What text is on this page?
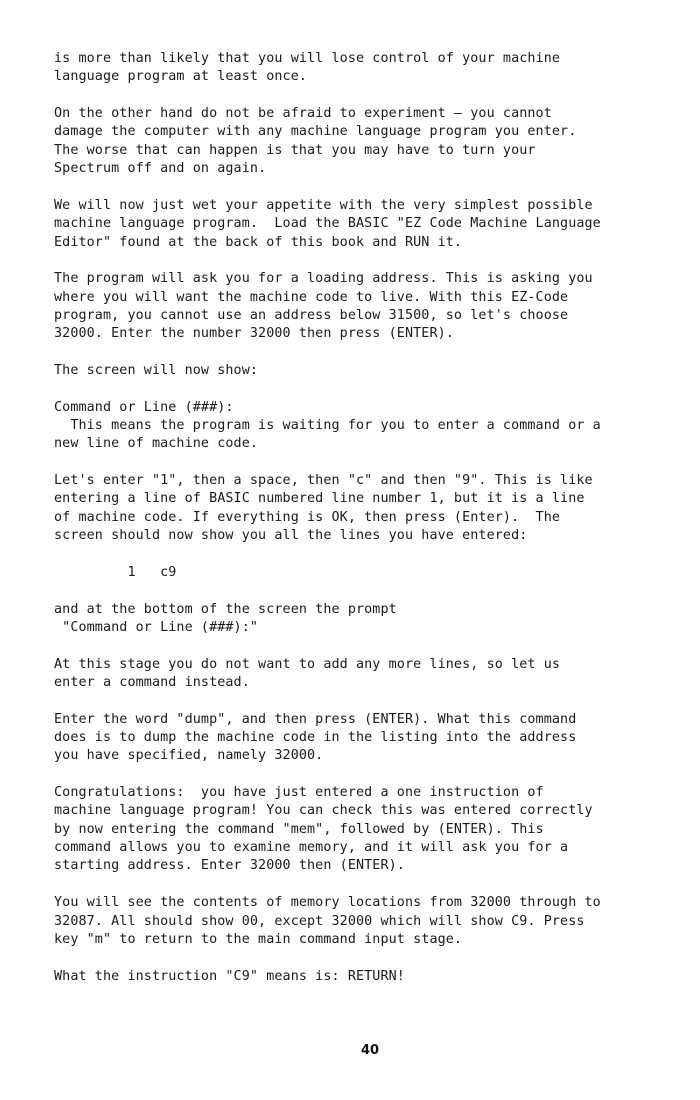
is more than likely that you will lose control of your machine
language program at least once.
On the other hand do not be afraid to experiment – you cannot
damage the computer with any machine language program you enter.
The worse that can happen is that you may have to turn your
Spectrum off and on again.
We will now just wet your appetite with the very simplest possible
machine language program.  Load the BASIC "EZ Code Machine Language
Editor" found at the back of this book and RUN it.
The program will ask you for a loading address. This is asking you
where you will want the machine code to live. With this EZ-Code
program, you cannot use an address below 31500, so let's choose
32000. Enter the number 32000 then press (ENTER).
The screen will now show:
Command or Line (###):
This means the program is waiting for you to enter a command or a
new line of machine code.
Let's enter "1", then a space, then "c" and then "9". This is like
entering a line of BASIC numbered line number 1, but it is a line
of machine code. If everything is OK, then press (Enter).  The
screen should now show you all the lines you have entered:
1   c9
and at the bottom of the screen the prompt
"Command or Line (###):"
At this stage you do not want to add any more lines, so let us
enter a command instead.
Enter the word "dump", and then press (ENTER). What this command
does is to dump the machine code in the listing into the address
you have specified, namely 32000.
Congratulations:  you have just entered a one instruction of
machine language program! You can check this was entered correctly
by now entering the command "mem", followed by (ENTER). This
command allows you to examine memory, and it will ask you for a
starting address. Enter 32000 then (ENTER).
You will see the contents of memory locations from 32000 through to
32087. All should show 00, except 32000 which will show C9. Press
key "m" to return to the main command input stage.
What the instruction "C9" means is: RETURN!
40
